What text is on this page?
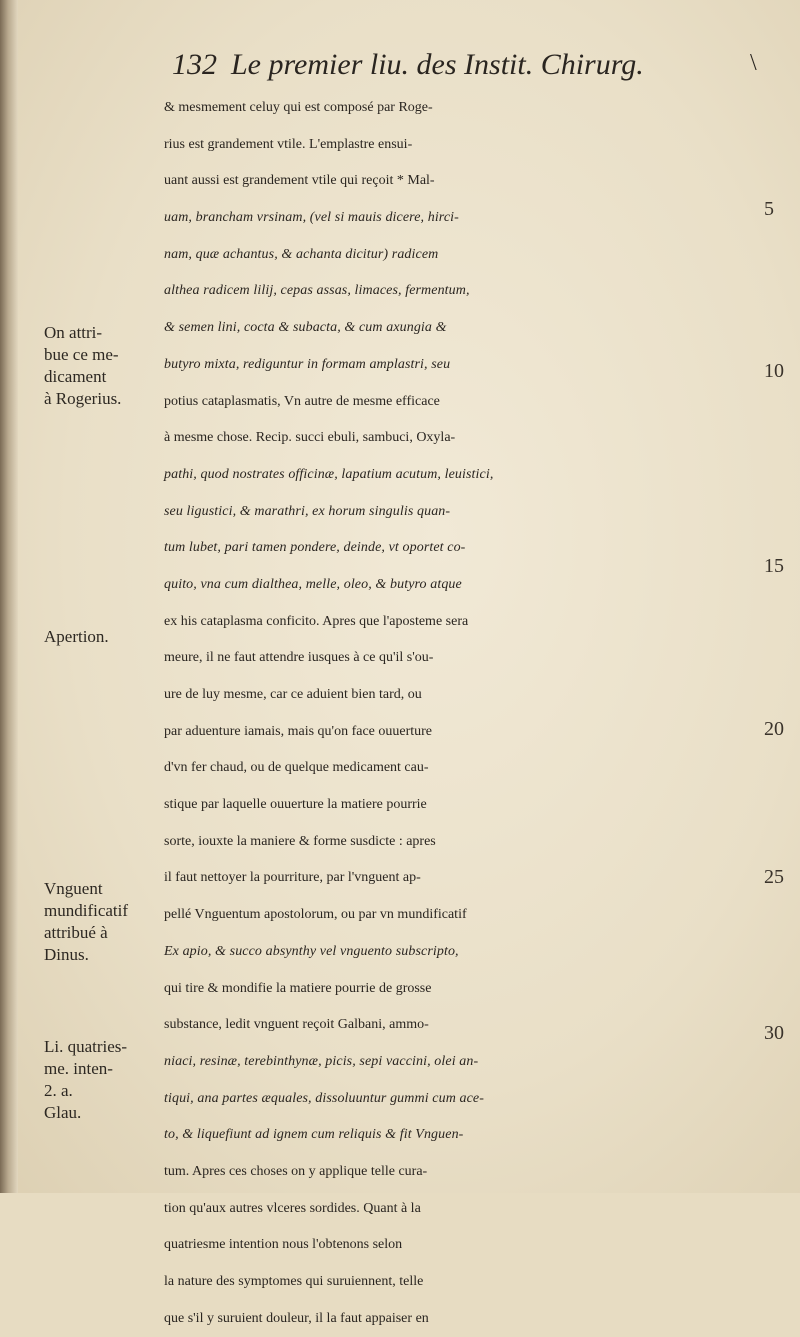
132 Le premier liu. des Instit. Chirurg.	\
& mesmement celuy qui est composé par Roge-
rius est grandement vtile. L'emplastre ensui-
uant aussi est grandement vtile qui reçoit * Mal-
uam, brancham vrsinam, (vel si mauis dicere, hirci-
nam, quæ achantus, & achanta dicitur) radicem
althea radicem lilij, cepas assas, limaces, fermentum,
& semen lini, cocta & subacta, & cum axungia &
butyro mixta, rediguntur in formam amplastri, seu
potius cataplasmatis, Vn autre de mesme efficace
à mesme chose. Recip. succi ebuli, sambuci, Oxyla-
pathi, quod nostrates officinæ, lapatium acutum, leuistici,
seu ligustici, & marathri, ex horum singulis quan-
tum lubet, pari tamen pondere, deinde, vt oportet co-
quito, vna cum dialthea, melle, oleo, & butyro atque
ex his cataplasma conficito. Apres que l'aposteme sera
meure, il ne faut attendre iusques à ce qu'il s'ou-
ure de luy mesme, car ce aduient bien tard, ou
par aduenture iamais, mais qu'on face ouuerture
d'vn fer chaud, ou de quelque medicament cau-
stique par laquelle ouuerture la matiere pourrie
sorte, iouxte la maniere & forme susdicte : apres
il faut nettoyer la pourriture, par l'vnguent ap-
pellé Vnguentum apostolorum, ou par vn mundificatif
Ex apio, & succo absynthy vel vnguento subscripto,
qui tire & mondifie la matiere pourrie de grosse
substance, ledit vnguent reçoit Galbani, ammo-
niaci, resinæ, terebinthynæ, picis, sepi vaccini, olei an-
tiqui, ana partes æquales, dissoluuntur gummi cum ace-
to, & liquefiunt ad ignem cum reliquis & fit Vnguen-
tum. Apres ces choses on y applique telle cura-
tion qu'aux autres vlceres sordides. Quant à la
quatriesme intention nous l'obtenons selon
la nature des symptomes qui suruiennent, telle
que s'il y suruient douleur, il la faut appaiser en
On attri-
bue ce me-
dicament
à Rogerius.
Apertion.
Vnguent
mundificatif
attribué à
Dinus.
Li. quatries-
me. inten-
2. a.
Glau.
5
10
15
20
25
30
